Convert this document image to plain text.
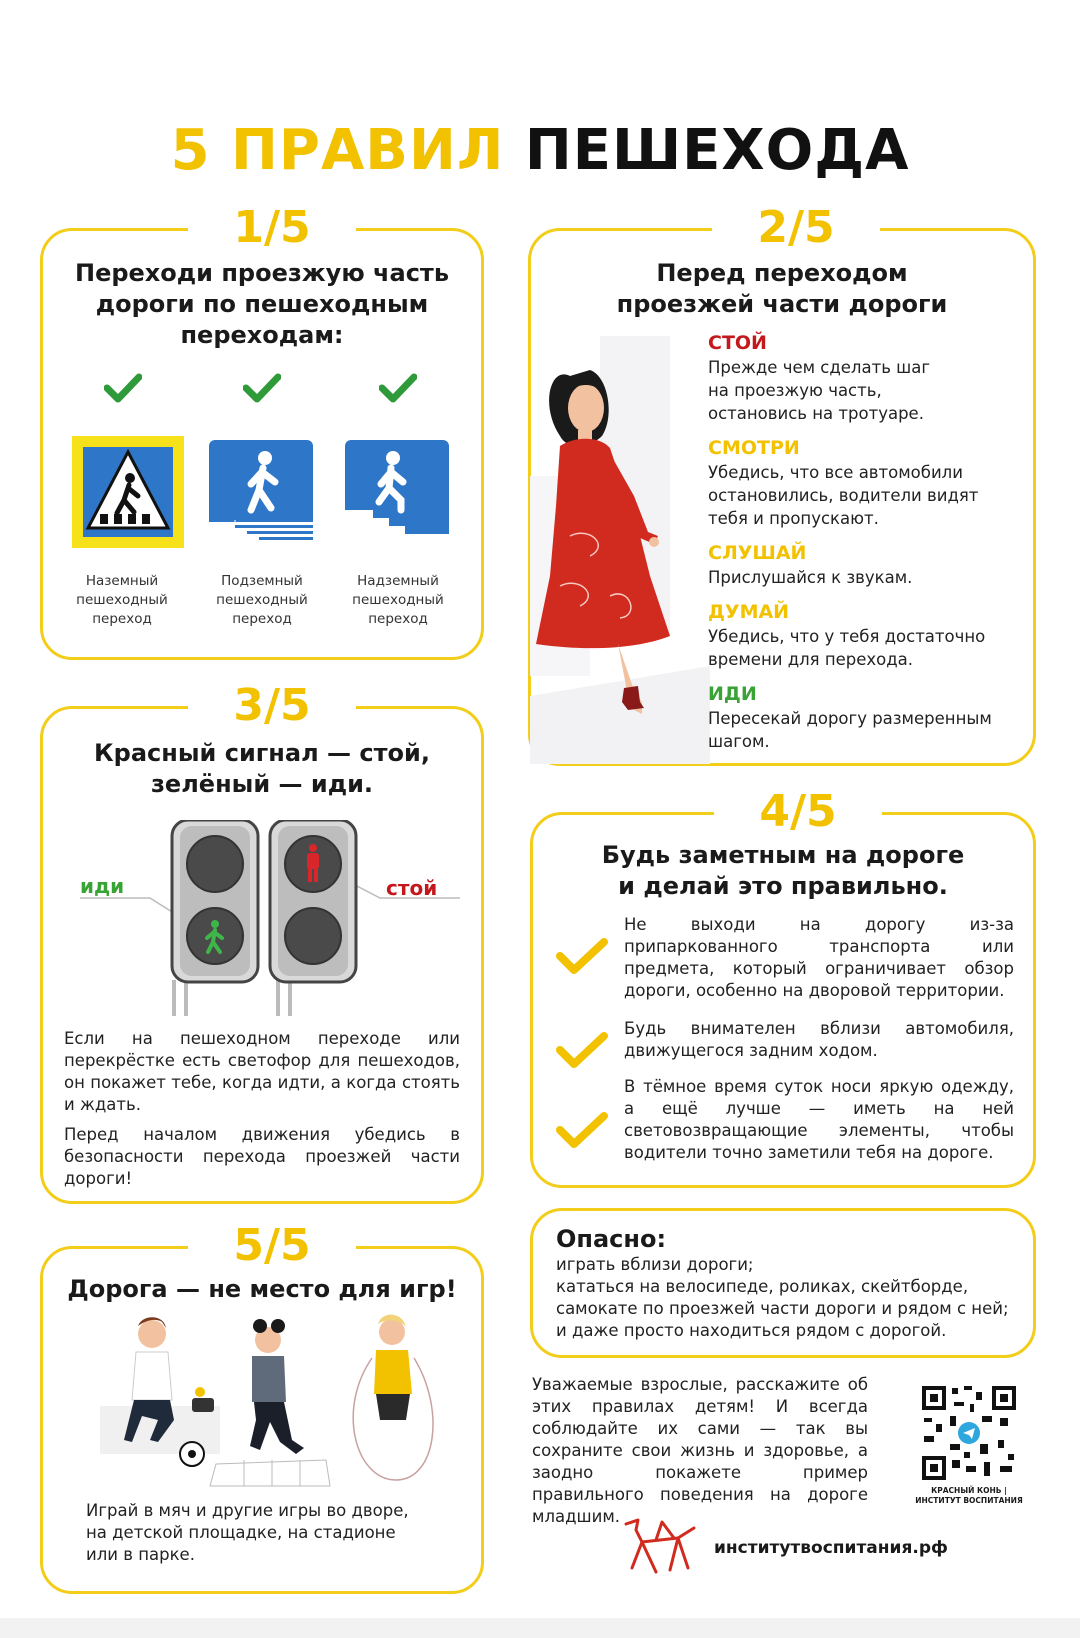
5 ПРАВИЛ ПЕШЕХОДА
1/5
Переходи проезжую часть
дороги по пешеходным
переходам:
Наземный
пешеходный
переход
Подземный
пешеходный
переход
Надземный
пешеходный
переход
2/5
Перед переходом
проезжей части дороги
СТОЙ
Прежде чем сделать шаг
на проезжую часть,
остановись на тротуаре.
СМОТРИ
Убедись, что все автомобили
остановились, водители видят
тебя и пропускают.
СЛУШАЙ
Прислушайся к звукам.
ДУМАЙ
Убедись, что у тебя достаточно
времени для перехода.
ИДИ
Пересекай дорогу размеренным
шагом.
3/5
Красный сигнал — стой,
зелёный — иди.
иди	стой
Если на пешеходном переходе или перекрёстке есть светофор для пешеходов, он покажет тебе, когда идти, а когда стоять и ждать.
Перед началом движения убедись в безопасности перехода проезжей части дороги!
4/5
Будь заметным на дороге
и делай это правильно.
Не выходи на дорогу из-за припаркованного транспорта или предмета, который ограничивает обзор дороги, особенно на дворовой территории.
Будь внимателен вблизи автомобиля, движущегося задним ходом.
В тёмное время суток носи яркую одежду, а ещё лучше — иметь на ней световозвращающие элементы, чтобы водители точно заметили тебя на дороге.
5/5
Дорога — не место для игр!
Играй в мяч и другие игры во дворе,
на детской площадке, на стадионе
или в парке.
Опасно:
играть вблизи дороги;
кататься на велосипеде, роликах, скейтборде,
самокате по проезжей части дороги и рядом с ней;
и даже просто находиться рядом с дорогой.
Уважаемые взрослые, расскажите об этих правилах детям! И всегда соблюдайте их сами — так вы сохраните свои жизнь и здоровье, а заодно покажете пример правильного поведения на дороге младшим.
КРАСНЫЙ КОНЬ |
ИНСТИТУТ ВОСПИТАНИЯ
институтвоспитания.рф
